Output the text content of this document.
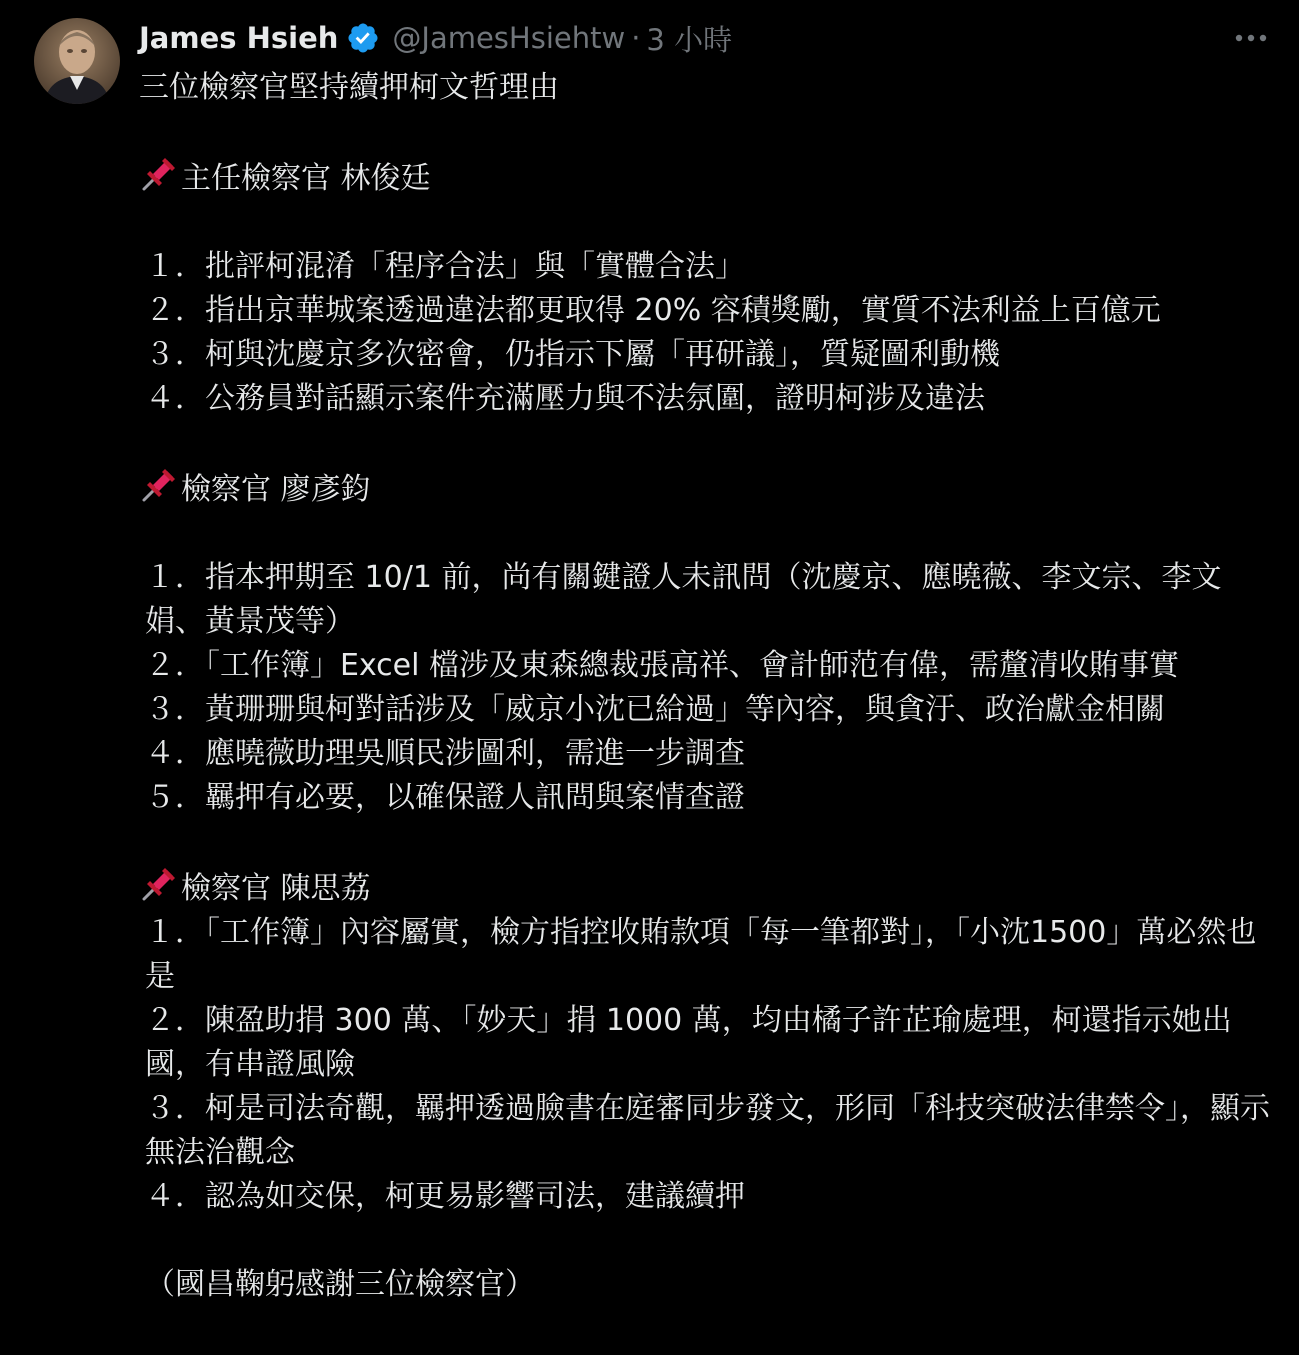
James Hsieh @JamesHsiehtw · 3 小時
三位檢察官堅持續押柯文哲理由
主任檢察官 林俊廷
１．批評柯混淆「程序合法」與「實體合法」
２．指出京華城案透過違法都更取得 20% 容積獎勵，實質不法利益上百億元
３．柯與沈慶京多次密會，仍指示下屬「再研議」，質疑圖利動機
４．公務員對話顯示案件充滿壓力與不法氛圍，證明柯涉及違法
檢察官 廖彥鈞
１．指本押期至 10/1 前，尚有關鍵證人未訊問（沈慶京、應曉薇、李文宗、李文娟、黃景茂等）
２．「工作簿」Excel 檔涉及東森總裁張高祥、會計師范有偉，需釐清收賄事實
３．黃珊珊與柯對話涉及「威京小沈已給過」等內容，與貪汙、政治獻金相關
４．應曉薇助理吳順民涉圖利，需進一步調查
５．羈押有必要，以確保證人訊問與案情查證
檢察官 陳思荔
１．「工作簿」內容屬實，檢方指控收賄款項「每一筆都對」，「小沈1500」萬必然也是
２．陳盈助捐 300 萬、「妙天」捐 1000 萬，均由橘子許芷瑜處理，柯還指示她出國，有串證風險
３．柯是司法奇觀，羈押透過臉書在庭審同步發文，形同「科技突破法律禁令」，顯示無法治觀念
４．認為如交保，柯更易影響司法，建議續押
（國昌鞠躬感謝三位檢察官）
